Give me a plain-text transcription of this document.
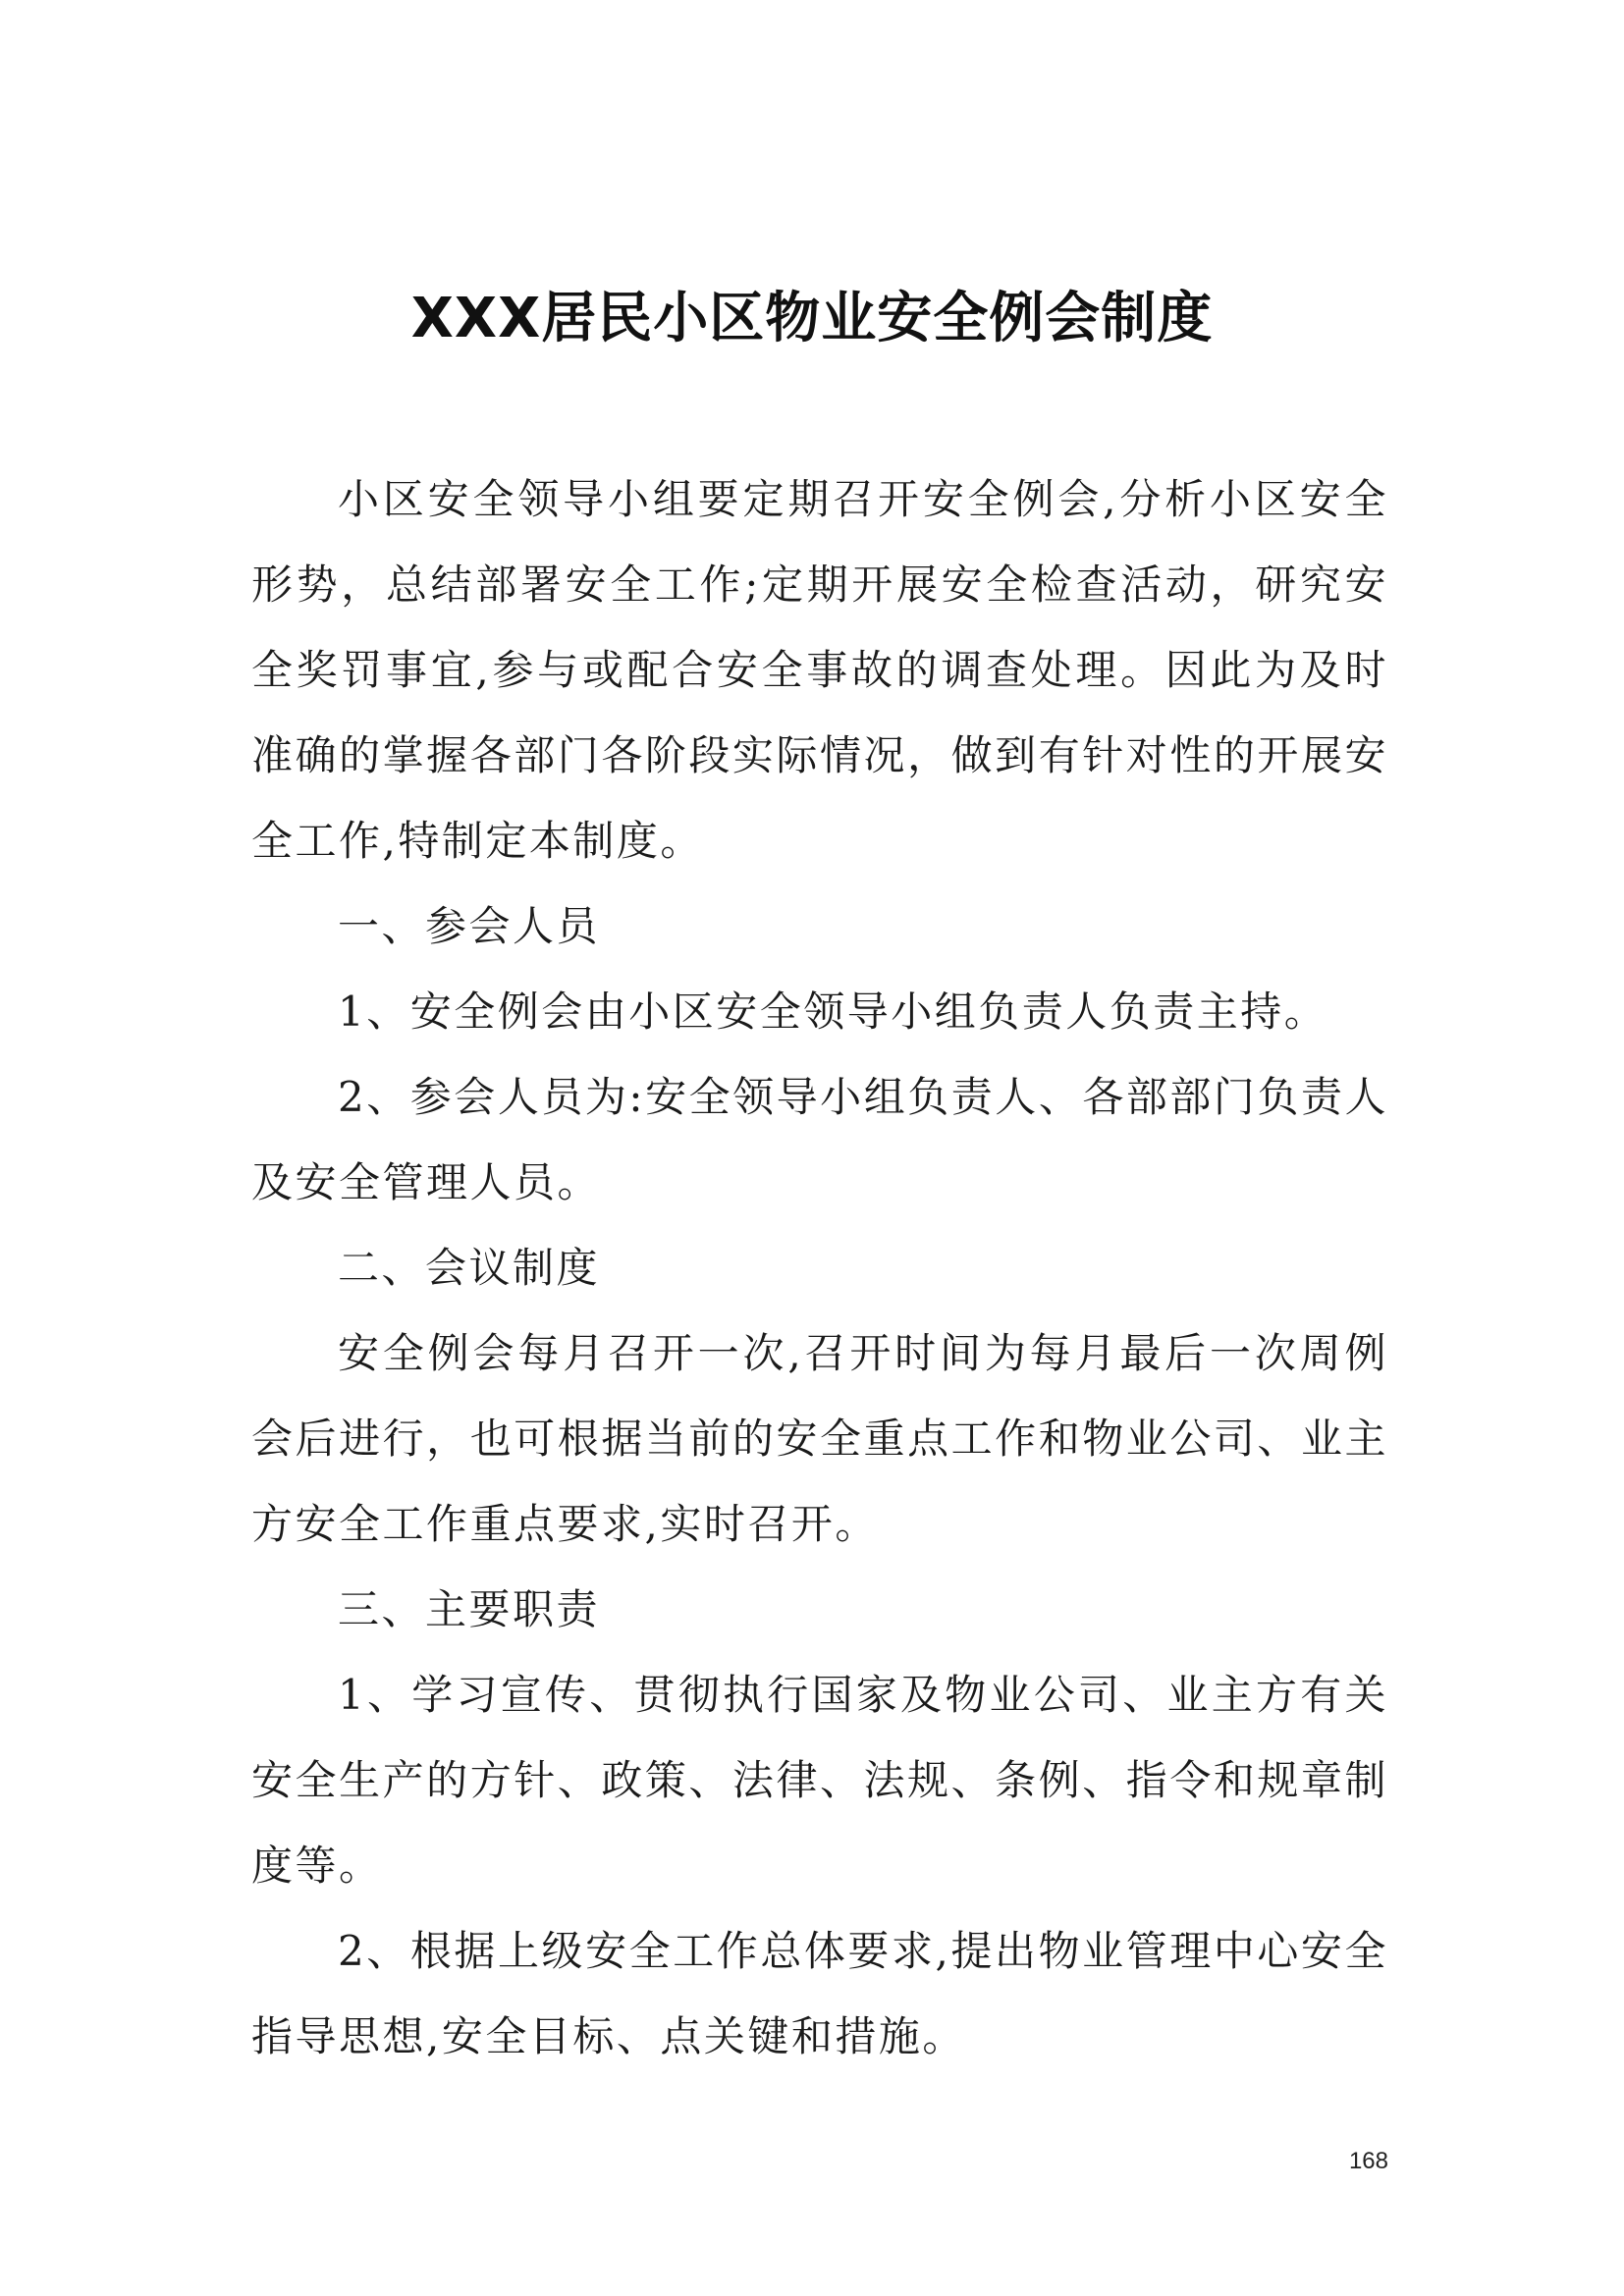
XXX居民小区物业安全例会制度

小区安全领导小组要定期召开安全例会,分析小区安全形势，总结部署安全工作;定期开展安全检查活动，研究安全奖罚事宜,参与或配合安全事故的调查处理。因此为及时准确的掌握各部门各阶段实际情况，做到有针对性的开展安全工作,特制定本制度。

一、参会人员

1、安全例会由小区安全领导小组负责人负责主持。

2、参会人员为:安全领导小组负责人、各部部门负责人及安全管理人员。

二、会议制度

安全例会每月召开一次,召开时间为每月最后一次周例会后进行，也可根据当前的安全重点工作和物业公司、业主方安全工作重点要求,实时召开。

三、主要职责

1、学习宣传、贯彻执行国家及物业公司、业主方有关安全生产的方针、政策、法律、法规、条例、指令和规章制度等。

2、根据上级安全工作总体要求,提出物业管理中心安全指导思想,安全目标、点关键和措施。

168
